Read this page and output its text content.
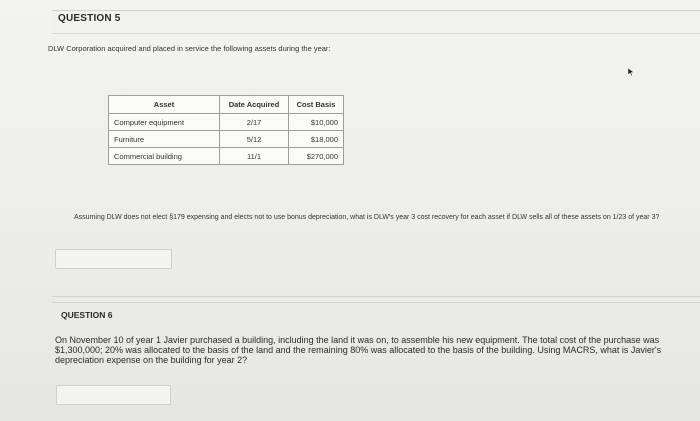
QUESTION 5
DLW Corporation acquired and placed in service the following assets during the year:
Asset	Date Acquired	Cost Basis
Computer equipment	2/17	$10,000
Furniture	5/12	$18,000
Commercial building	11/1	$270,000
Assuming DLW does not elect §179 expensing and elects not to use bonus depreciation, what is DLW's year 3 cost recovery for each asset if DLW sells all of these assets on 1/23 of year 3?
QUESTION 6
On November 10 of year 1 Javier purchased a building, including the land it was on, to assemble his new equipment. The total cost of the purchase was $1,300,000; 20% was allocated to the basis of the land and the remaining 80% was allocated to the basis of the building. Using MACRS, what is Javier's depreciation expense on the building for year 2?
